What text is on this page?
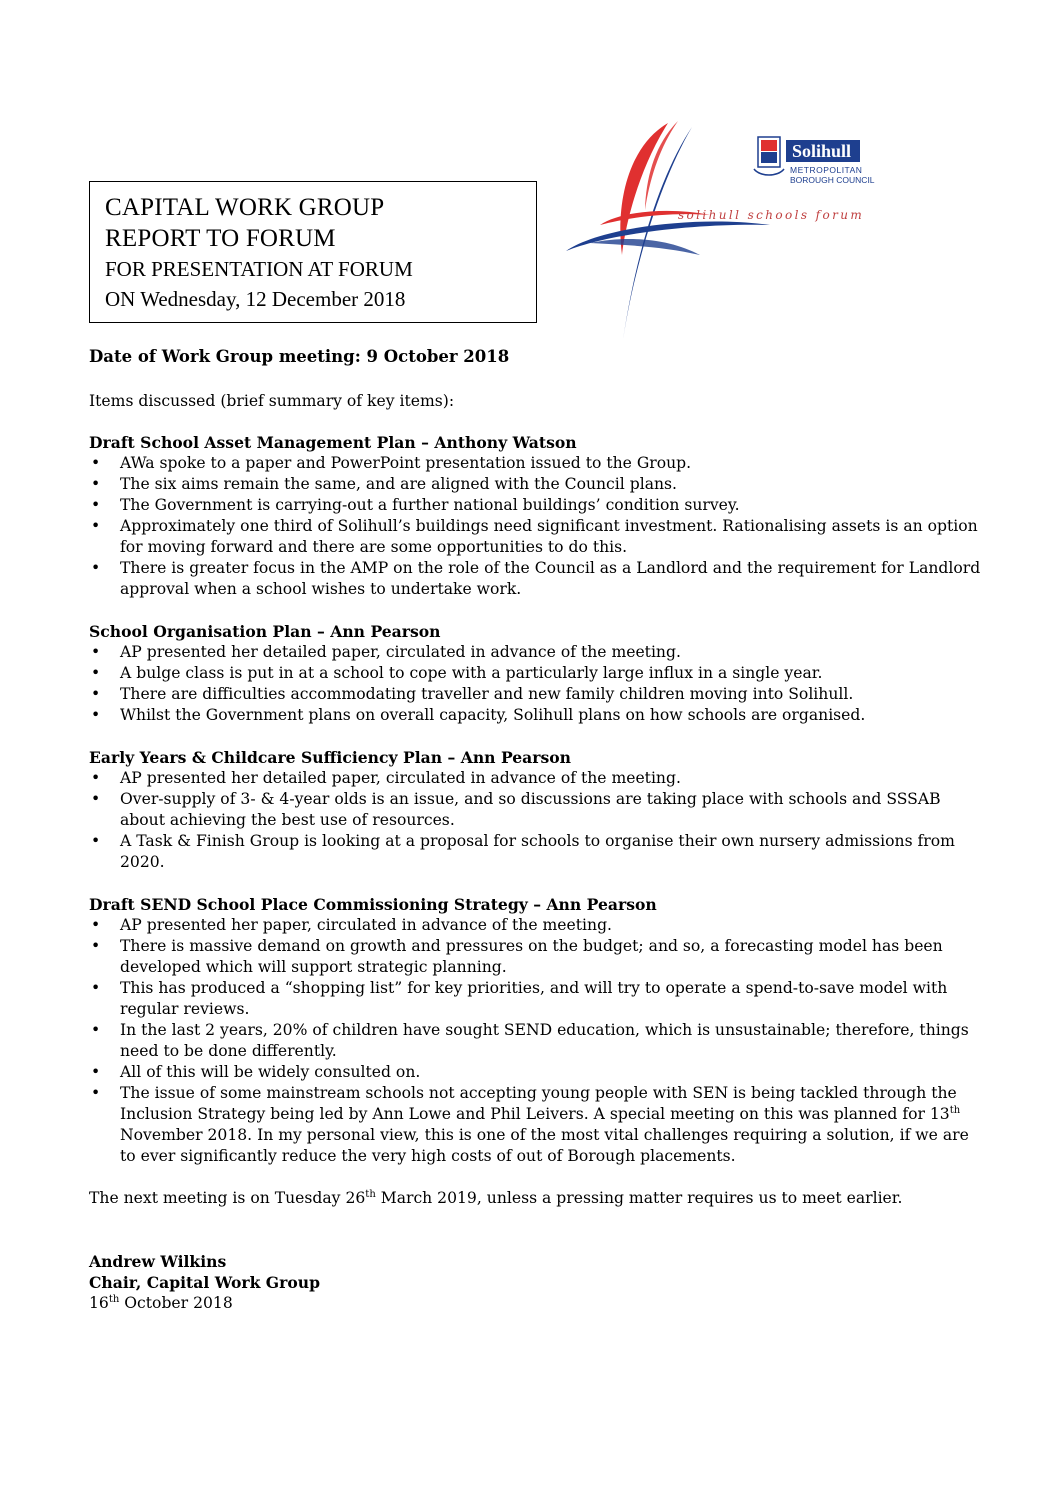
CAPITAL WORK GROUP
REPORT TO FORUM
FOR PRESENTATION AT FORUM
ON Wednesday, 12 December 2018
Solihull
METROPOLITAN
BOROUGH COUNCIL
solihull schools forum

Date of Work Group meeting: 9 October 2018

Items discussed (brief summary of key items):

Draft School Asset Management Plan – Anthony Watson

• AWa spoke to a paper and PowerPoint presentation issued to the Group.
• The six aims remain the same, and are aligned with the Council plans.
• The Government is carrying-out a further national buildings’ condition survey.
• Approximately one third of Solihull’s buildings need significant investment. Rationalising assets is an option for moving forward and there are some opportunities to do this.
• There is greater focus in the AMP on the role of the Council as a Landlord and the requirement for Landlord approval when a school wishes to undertake work.

School Organisation Plan – Ann Pearson

• AP presented her detailed paper, circulated in advance of the meeting.
• A bulge class is put in at a school to cope with a particularly large influx in a single year.
• There are difficulties accommodating traveller and new family children moving into Solihull.
• Whilst the Government plans on overall capacity, Solihull plans on how schools are organised.

Early Years & Childcare Sufficiency Plan – Ann Pearson

• AP presented her detailed paper, circulated in advance of the meeting.
• Over-supply of 3- & 4-year olds is an issue, and so discussions are taking place with schools and SSSAB about achieving the best use of resources.
• A Task & Finish Group is looking at a proposal for schools to organise their own nursery admissions from 2020.

Draft SEND School Place Commissioning Strategy – Ann Pearson

• AP presented her paper, circulated in advance of the meeting.
• There is massive demand on growth and pressures on the budget; and so, a forecasting model has been developed which will support strategic planning.
• This has produced a “shopping list” for key priorities, and will try to operate a spend-to-save model with regular reviews.
• In the last 2 years, 20% of children have sought SEND education, which is unsustainable; therefore, things need to be done differently.
• All of this will be widely consulted on.
• The issue of some mainstream schools not accepting young people with SEN is being tackled through the Inclusion Strategy being led by Ann Lowe and Phil Leivers. A special meeting on this was planned for 13th November 2018. In my personal view, this is one of the most vital challenges requiring a solution, if we are to ever significantly reduce the very high costs of out of Borough placements.

The next meeting is on Tuesday 26th March 2019, unless a pressing matter requires us to meet earlier.

Andrew Wilkins

Chair, Capital Work Group

16th October 2018
